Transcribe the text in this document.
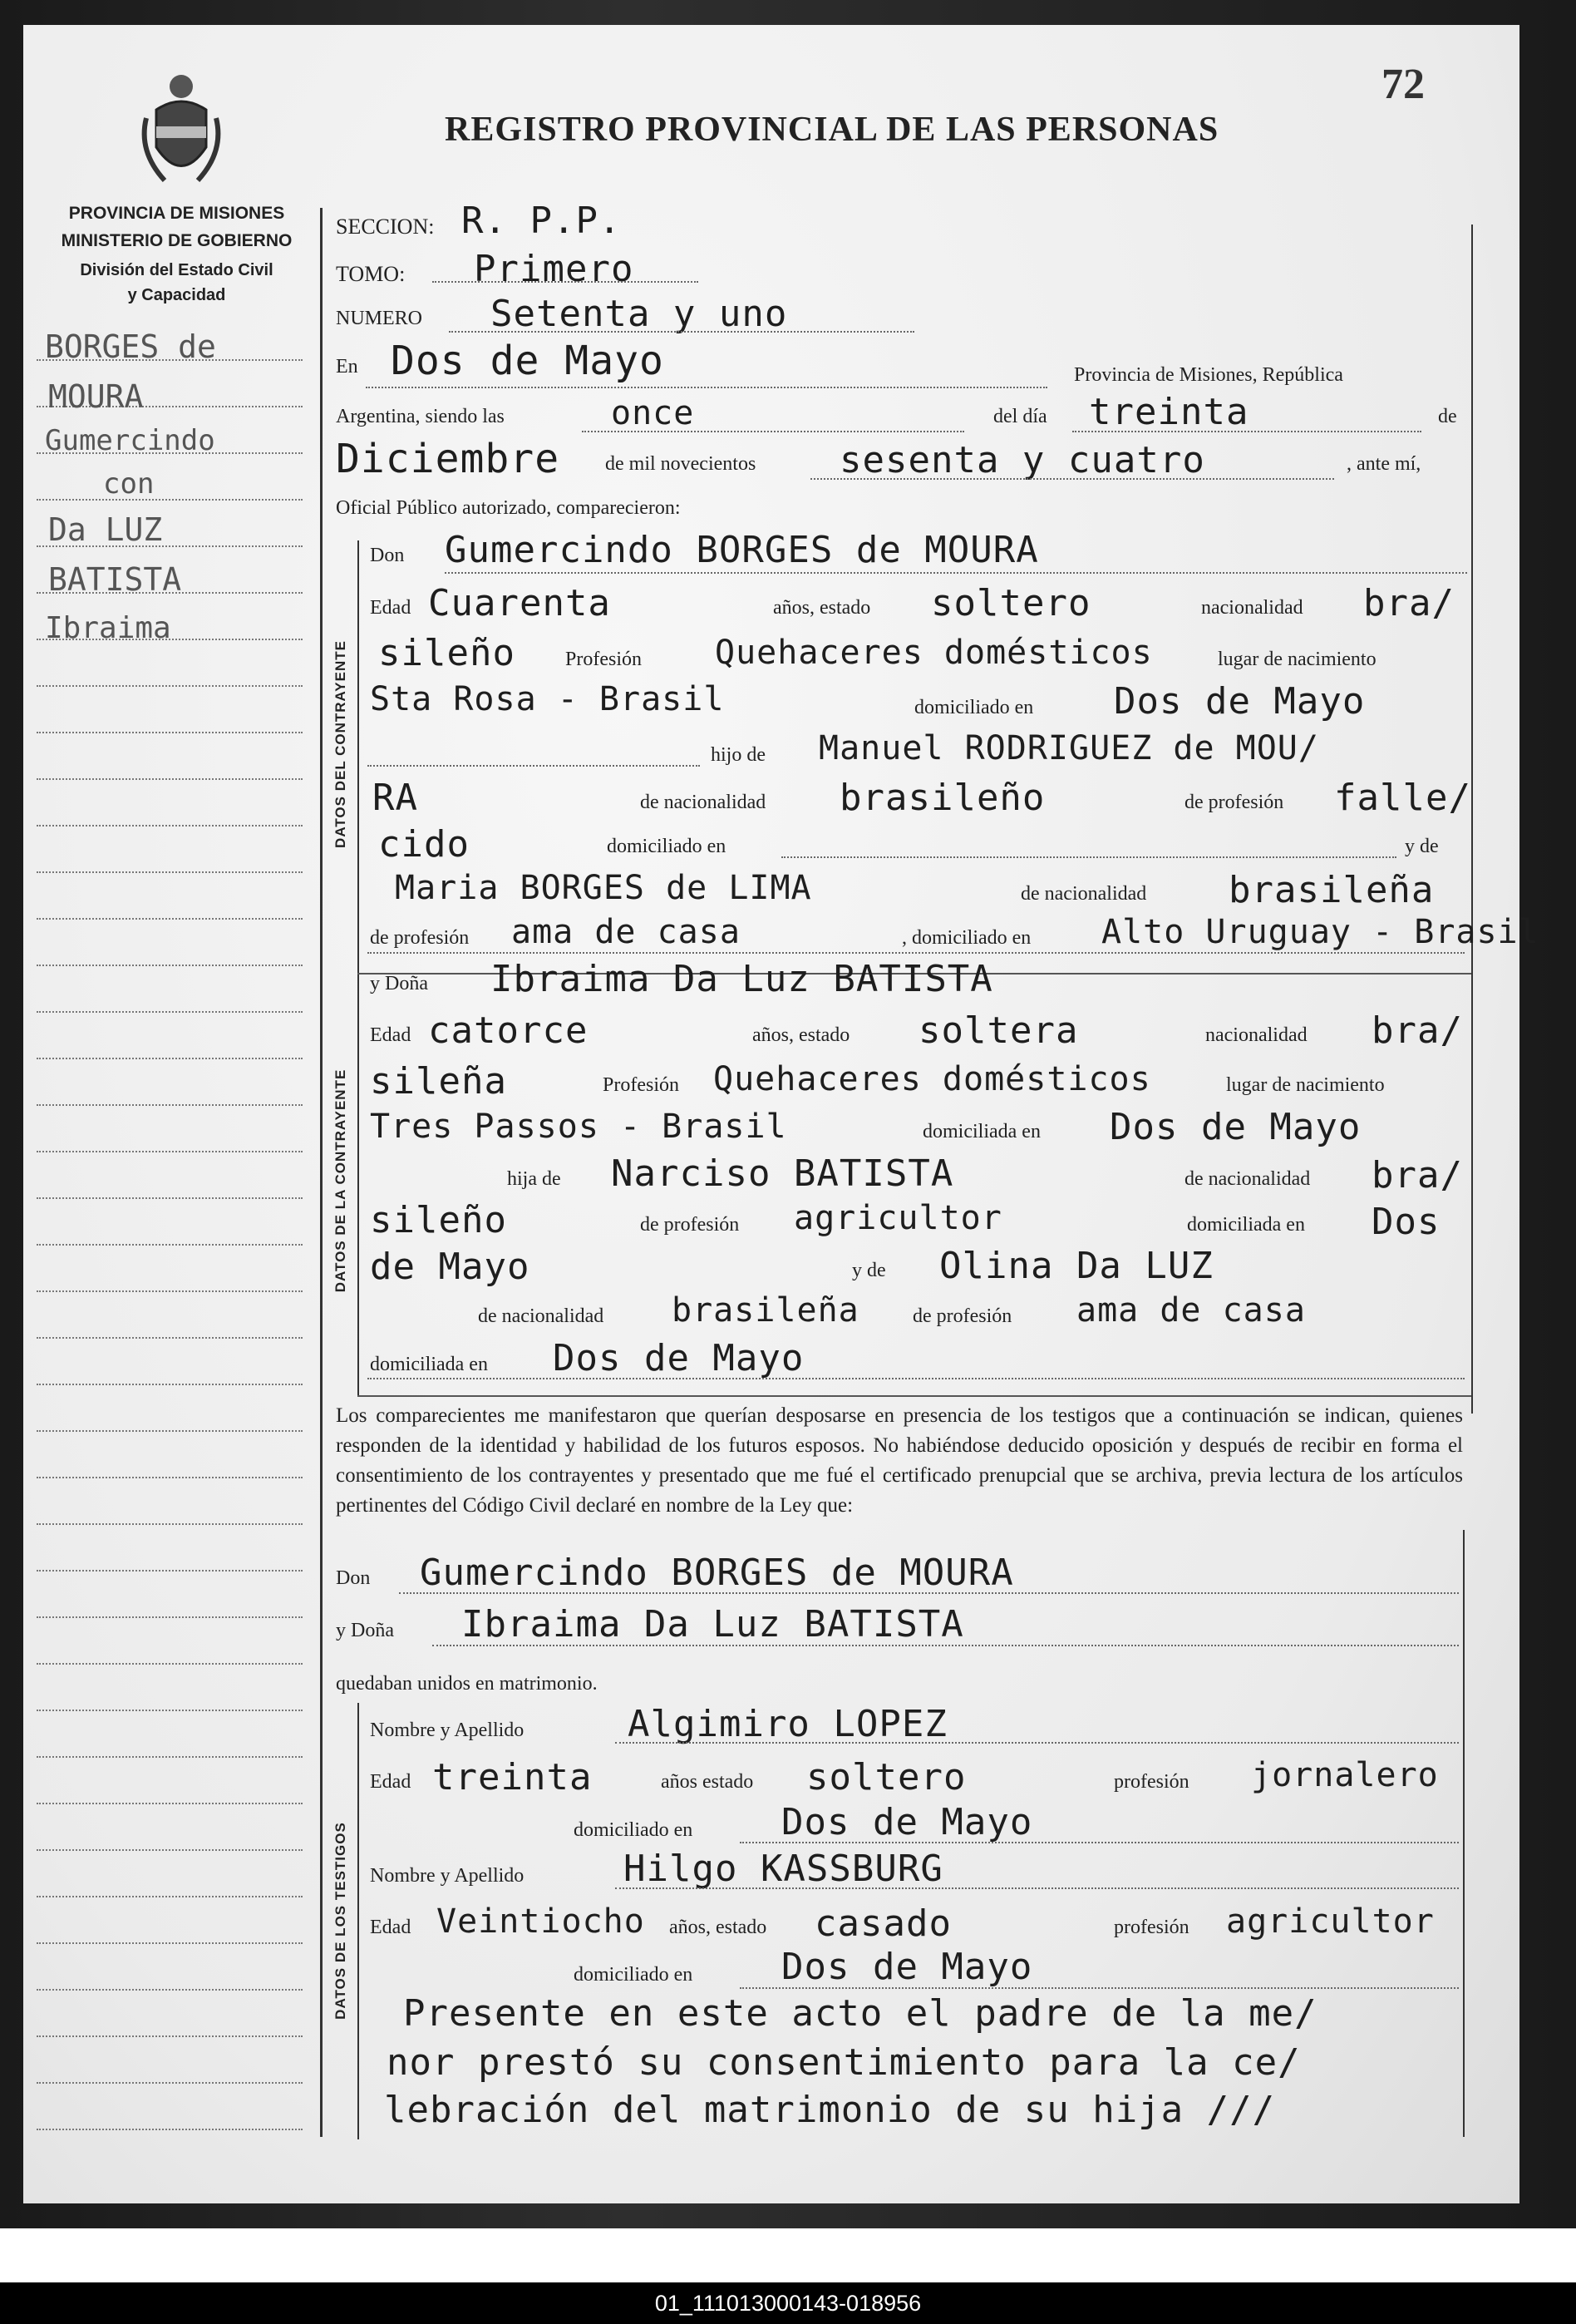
72
PROVINCIA DE MISIONES
MINISTERIO DE GOBIERNO
División del Estado Civil
y Capacidad
REGISTRO PROVINCIAL DE LAS PERSONAS
BORGES de
MOURA
Gumercindo
con
Da LUZ
BATISTA
Ibraima
SECCION: R. P.P.
TOMO: Primero
NUMERO Setenta y uno
En Dos de Mayo	Provincia de Misiones, República
Argentina, siendo las	once	del día treinta	de
Diciembre de mil novecientos sesenta y cuatro	, ante mí,
Oficial Público autorizado, comparecieron:
DATOS DEL CONTRAYENTE
Don Gumercindo BORGES de MOURA
Edad Cuarenta	años, estado soltero	nacionalidad bra/
sileño	Profesión Quehaceres domésticos	lugar de nacimiento
Sta Rosa - Brasil	domiciliado en Dos de Mayo
hijo de Manuel RODRIGUEZ de MOU/
RA	de nacionalidad brasileño	de profesión falle/
cido	domiciliado en	y de
Maria BORGES de LIMA	de nacionalidad brasileña
de profesión ama de casa	, domiciliado en Alto Uruguay - Brasil
DATOS DE LA CONTRAYENTE
y Doña Ibraima Da Luz BATISTA
Edad catorce	años, estado soltera	nacionalidad bra/
sileña	Profesión Quehaceres domésticos	lugar de nacimiento
Tres Passos - Brasil	domiciliada en Dos de Mayo
hija de Narciso BATISTA	de nacionalidad bra/
sileño	de profesión agricultor	domiciliada en Dos
de Mayo	y de Olina Da LUZ
de nacionalidad brasileña	de profesión ama de casa
domiciliada en Dos de Mayo
Los comparecientes me manifestaron que querían desposarse en presencia de los testigos que a continuación se indican, quienes responden de la identidad y habilidad de los futuros esposos. No habiéndose deducido oposición y después de recibir en forma el consentimiento de los contrayentes y presentado que me fué el certificado prenupcial que se archiva, previa lectura de los artículos pertinentes del Código Civil declaré en nombre de la Ley que:
Don Gumercindo BORGES de MOURA
y Doña Ibraima Da Luz BATISTA
quedaban unidos en matrimonio.
DATOS DE LOS TESTIGOS
Nombre y Apellido	Algimiro LOPEZ
Edad treinta	años estado soltero	profesión jornalero
domiciliado en Dos de Mayo
Nombre y Apellido	Hilgo KASSBURG
Edad Veintiocho años, estado casado	profesión agricultor
domiciliado en Dos de Mayo
Presente en este acto el padre de la me/
nor prestó su consentimiento para la ce/
lebración del matrimonio de su hija ///
01_111013000143-018956
